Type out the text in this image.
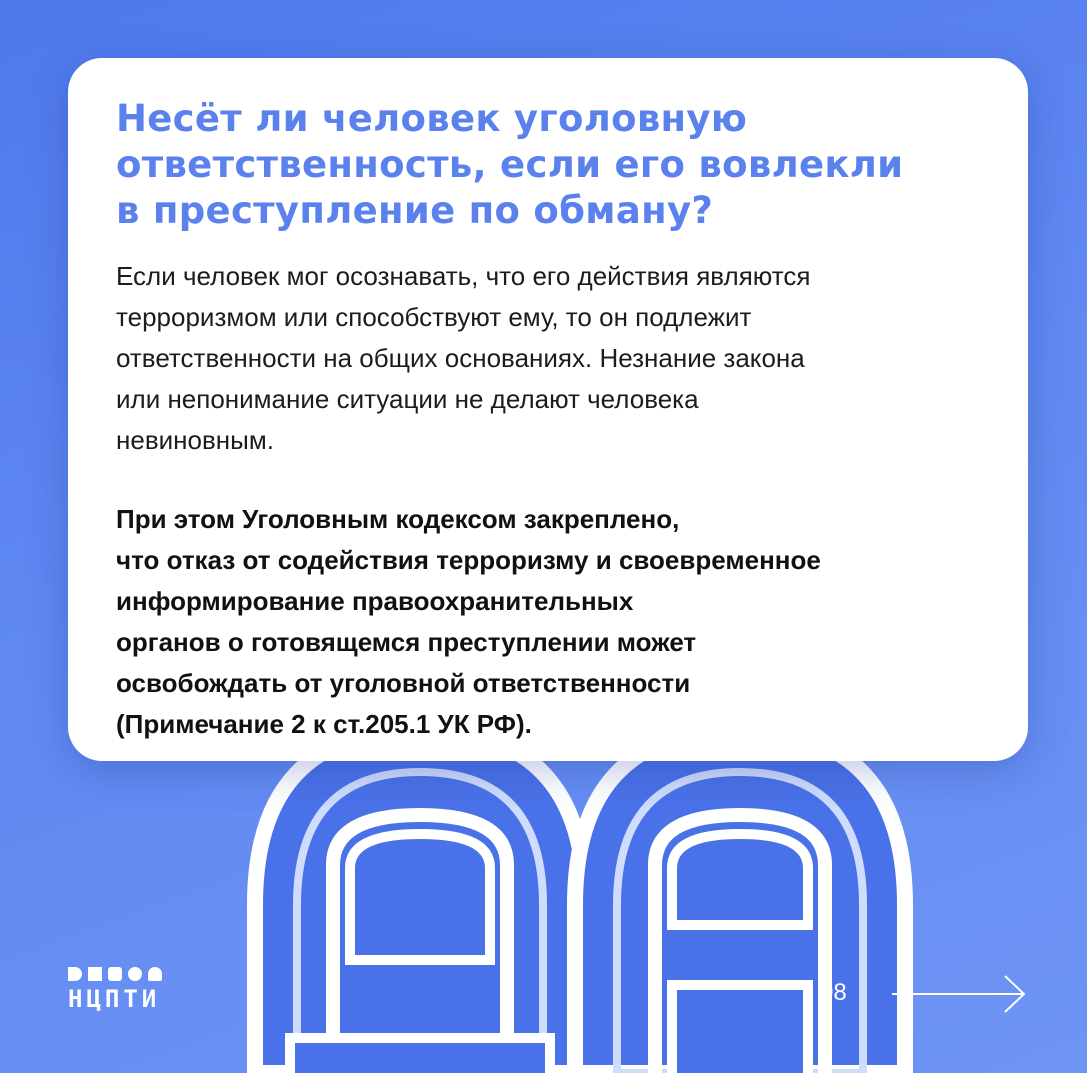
Несёт ли человек уголовную
ответственность, если его вовлекли
в преступление по обману?

Если человек мог осознавать, что его действия являются
терроризмом или способствуют ему, то он подлежит
ответственности на общих основаниях. Незнание закона
или непонимание ситуации не делают человека
невиновным.

При этом Уголовным кодексом закреплено,
что отказ от содействия терроризму и своевременное
информирование правоохранительных
органов о готовящемся преступлении может
освобождать от уголовной ответственности
(Примечание 2 к ст.205.1 УК РФ).

НЦПТИ	08
